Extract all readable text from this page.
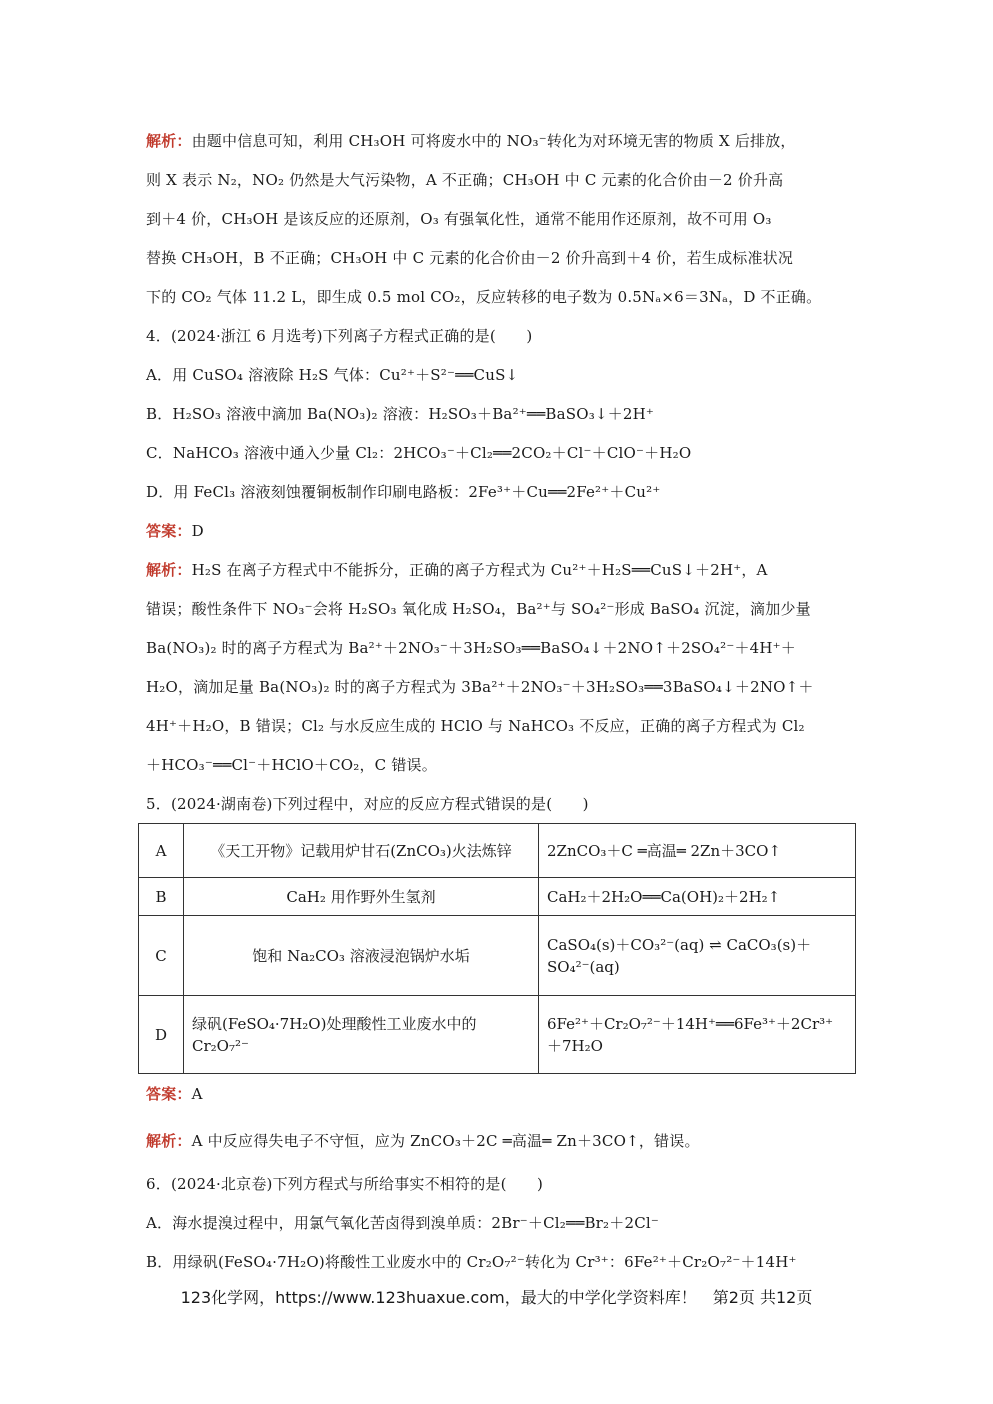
解析：由题中信息可知，利用 CH₃OH 可将废水中的 NO₃⁻转化为对环境无害的物质 X 后排放，
则 X 表示 N₂，NO₂ 仍然是大气污染物，A 不正确；CH₃OH 中 C 元素的化合价由－2 价升高
到＋4 价，CH₃OH 是该反应的还原剂，O₃ 有强氧化性，通常不能用作还原剂，故不可用 O₃
替换 CH₃OH，B 不正确；CH₃OH 中 C 元素的化合价由－2 价升高到＋4 价，若生成标准状况
下的 CO₂ 气体 11.2 L，即生成 0.5 mol CO₂，反应转移的电子数为 0.5Nₐ×6＝3Nₐ，D 不正确。
4．(2024·浙江 6 月选考)下列离子方程式正确的是(　　)
A．用 CuSO₄ 溶液除 H₂S 气体：Cu²⁺＋S²⁻══CuS↓
B．H₂SO₃ 溶液中滴加 Ba(NO₃)₂ 溶液：H₂SO₃＋Ba²⁺══BaSO₃↓＋2H⁺
C．NaHCO₃ 溶液中通入少量 Cl₂：2HCO₃⁻＋Cl₂══2CO₂＋Cl⁻＋ClO⁻＋H₂O
D．用 FeCl₃ 溶液刻蚀覆铜板制作印刷电路板：2Fe³⁺＋Cu══2Fe²⁺＋Cu²⁺
答案：D
解析：H₂S 在离子方程式中不能拆分，正确的离子方程式为 Cu²⁺＋H₂S══CuS↓＋2H⁺，A
错误；酸性条件下 NO₃⁻会将 H₂SO₃ 氧化成 H₂SO₄，Ba²⁺与 SO₄²⁻形成 BaSO₄ 沉淀，滴加少量
Ba(NO₃)₂ 时的离子方程式为 Ba²⁺＋2NO₃⁻＋3H₂SO₃══BaSO₄↓＋2NO↑＋2SO₄²⁻＋4H⁺＋
H₂O，滴加足量 Ba(NO₃)₂ 时的离子方程式为 3Ba²⁺＋2NO₃⁻＋3H₂SO₃══3BaSO₄↓＋2NO↑＋
4H⁺＋H₂O，B 错误；Cl₂ 与水反应生成的 HClO 与 NaHCO₃ 不反应，正确的离子方程式为 Cl₂
＋HCO₃⁻══Cl⁻＋HClO＋CO₂，C 错误。
5．(2024·湖南卷)下列过程中，对应的反应方程式错误的是(　　)
A	《天工开物》记载用炉甘石(ZnCO₃)火法炼锌	2ZnCO₃＋C ═高温═ 2Zn＋3CO↑
B	CaH₂ 用作野外生氢剂	CaH₂＋2H₂O══Ca(OH)₂＋2H₂↑
C	饱和 Na₂CO₃ 溶液浸泡锅炉水垢	CaSO₄(s)＋CO₃²⁻(aq) ⇌ CaCO₃(s)＋SO₄²⁻(aq)
D	绿矾(FeSO₄·7H₂O)处理酸性工业废水中的 Cr₂O₇²⁻	6Fe²⁺＋Cr₂O₇²⁻＋14H⁺══6Fe³⁺＋2Cr³⁺＋7H₂O
答案：A
解析：A 中反应得失电子不守恒，应为 ZnCO₃＋2C ═高温═ Zn＋3CO↑，错误。
6．(2024·北京卷)下列方程式与所给事实不相符的是(　　)
A．海水提溴过程中，用氯气氧化苦卤得到溴单质：2Br⁻＋Cl₂══Br₂＋2Cl⁻
B．用绿矾(FeSO₄·7H₂O)将酸性工业废水中的 Cr₂O₇²⁻转化为 Cr³⁺：6Fe²⁺＋Cr₂O₇²⁻＋14H⁺
123化学网，https://www.123huaxue.com，最大的中学化学资料库！　第2页 共12页
